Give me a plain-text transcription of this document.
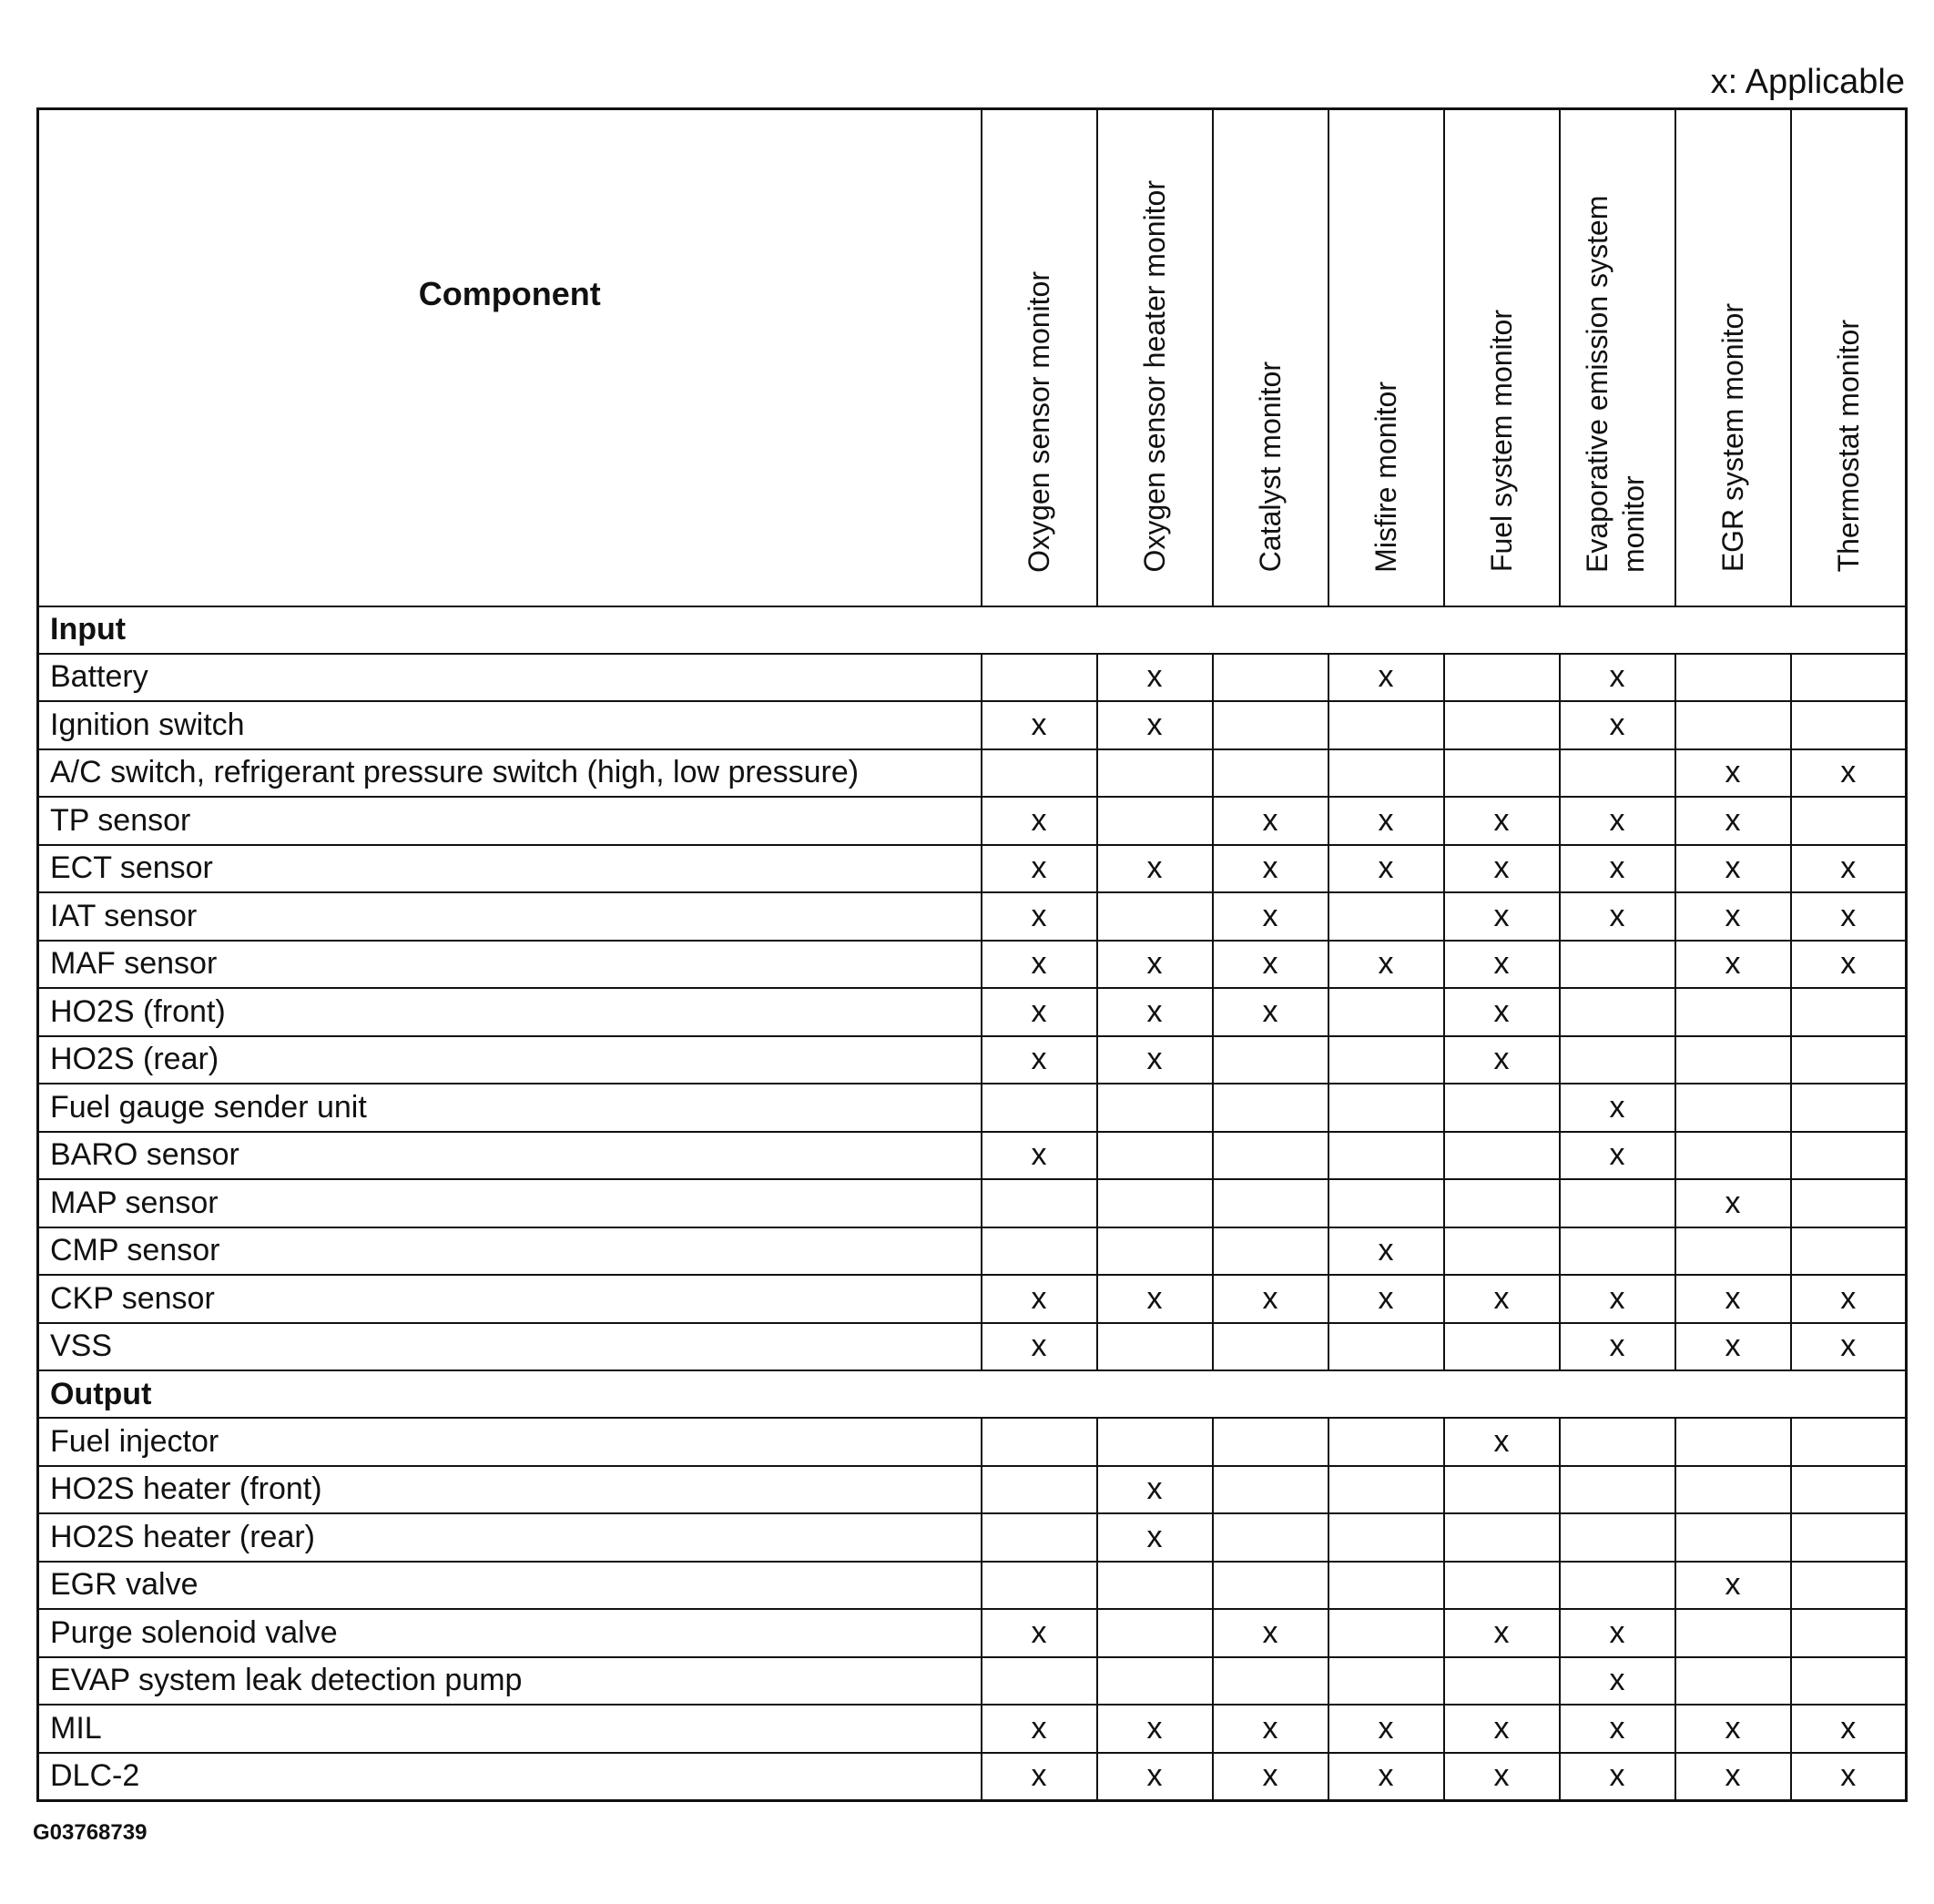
x: Applicable
Component	Oxygen sensor monitor	Oxygen sensor heater monitor	Catalyst monitor	Misfire monitor	Fuel system monitor	Evaporative emission system monitor	EGR system monitor	Thermostat monitor

Input								
Battery		x		x		x		
Ignition switch	x	x				x		
A/C switch, refrigerant pressure switch (high, low pressure)							x	x
TP sensor	x		x	x	x	x	x	
ECT sensor	x	x	x	x	x	x	x	x
IAT sensor	x		x		x	x	x	x
MAF sensor	x	x	x	x	x		x	x
HO2S (front)	x	x	x		x			
HO2S (rear)	x	x			x			
Fuel gauge sender unit						x		
BARO sensor	x					x		
MAP sensor							x	
CMP sensor				x				
CKP sensor	x	x	x	x	x	x	x	x
VSS	x					x	x	x
Output								
Fuel injector					x			
HO2S heater (front)		x						
HO2S heater (rear)		x						
EGR valve							x	
Purge solenoid valve	x		x		x	x		
EVAP system leak detection pump						x		
MIL	x	x	x	x	x	x	x	x
DLC-2	x	x	x	x	x	x	x	x
G03768739
